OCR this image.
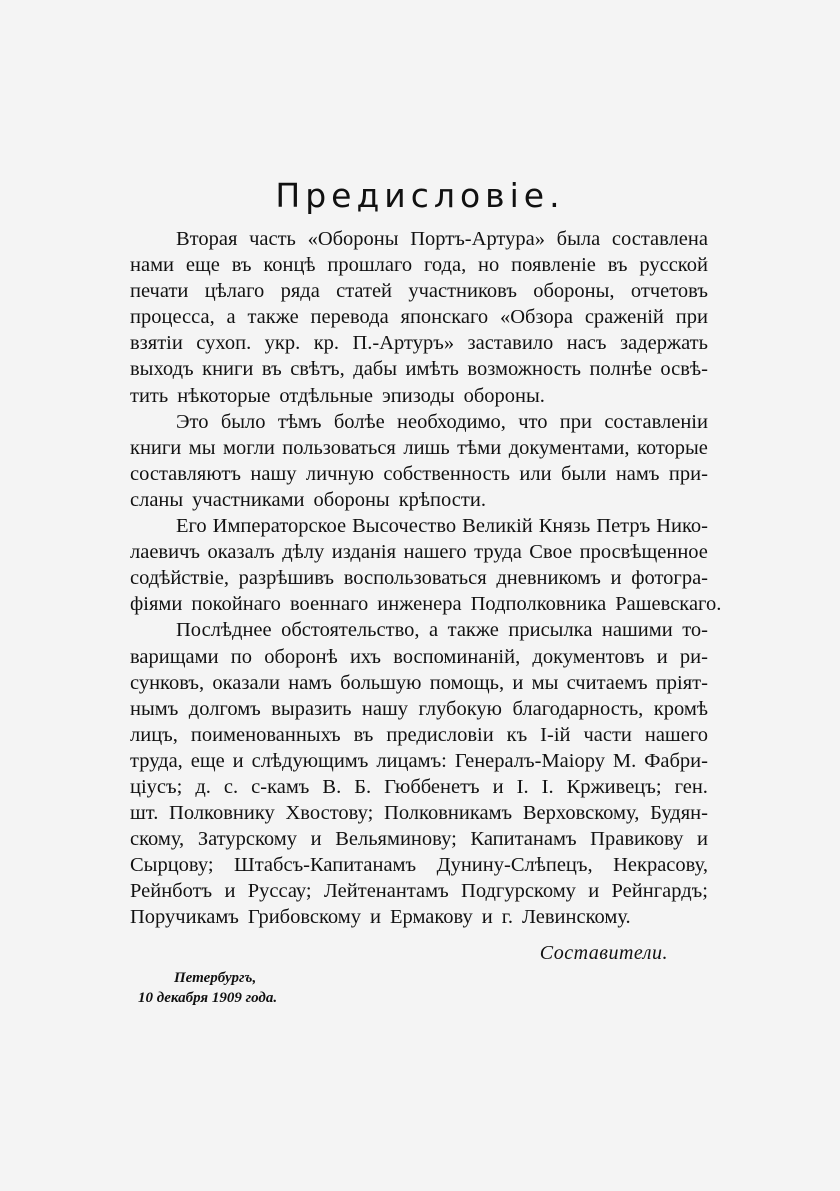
Предисловіе.
Вторая часть «Обороны Портъ-Артура» была составлена
нами еще въ концѣ прошлаго года, но появленіе въ русской
печати цѣлаго ряда статей участниковъ обороны, отчетовъ
процесса, а также перевода японскаго «Обзора сраженій при
взятіи сухоп. укр. кр. П.-Артуръ» заставило насъ задержать
выходъ книги въ свѣтъ, дабы имѣть возможность полнѣе освѣ-
тить нѣкоторые отдѣльные эпизоды обороны.
Это было тѣмъ болѣе необходимо, что при составленіи
книги мы могли пользоваться лишь тѣми документами, которые
составляютъ нашу личную собственность или были намъ при-
сланы участниками обороны крѣпости.
Его Императорское Высочество Великій Князь Петръ Нико-
лаевичъ оказалъ дѣлу изданія нашего труда Свое просвѣщенное
содѣйствіе, разрѣшивъ воспользоваться дневникомъ и фотогра-
фіями покойнаго военнаго инженера Подполковника Рашевскаго.
Послѣднее обстоятельство, а также присылка нашими то-
варищами по оборонѣ ихъ воспоминаній, документовъ и ри-
сунковъ, оказали намъ большую помощь, и мы считаемъ пріят-
нымъ долгомъ выразить нашу глубокую благодарность, кромѣ
лицъ, поименованныхъ въ предисловіи къ І-ій части нашего
труда, еще и слѣдующимъ лицамъ: Генералъ-Маіору М. Фабри-
ціусъ; д. с. с-камъ В. Б. Гюббенетъ и І. І. Крживецъ; ген.
шт. Полковнику Хвостову; Полковникамъ Верховскому, Будян-
скому, Затурскому и Вельяминову; Капитанамъ Правикову и
Сырцову; Штабсъ-Капитанамъ Дунину-Слѣпецъ, Некрасову,
Рейнботъ и Руссау; Лейтенантамъ Подгурскому и Рейнгардъ;
Поручикамъ Грибовскому и Ермакову и г. Левинскому.
Составители.
Петербургъ,
10 декабря 1909 года.
